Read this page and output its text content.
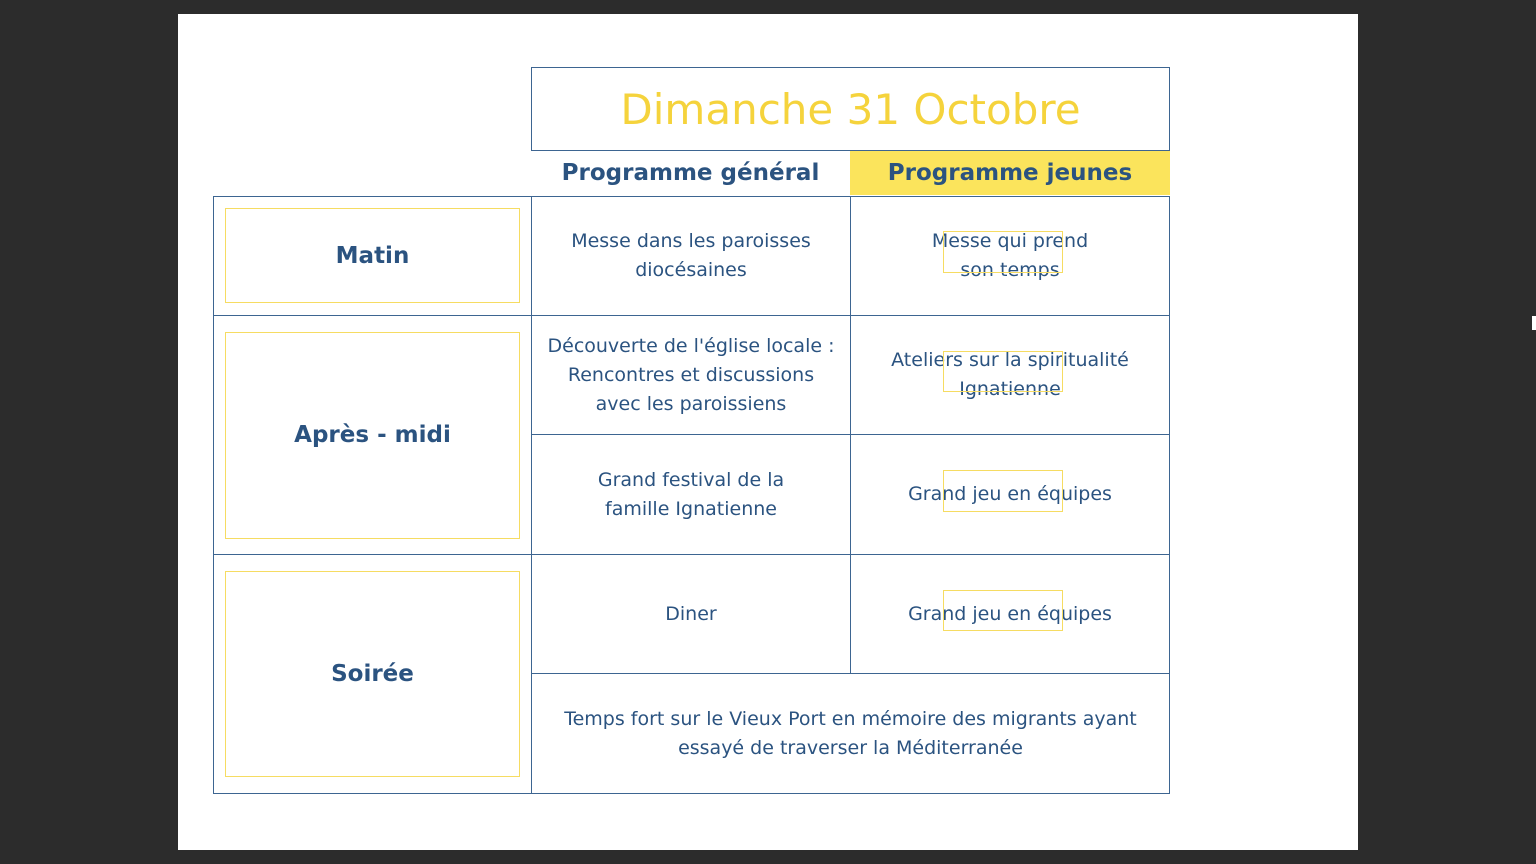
Dimanche 31 Octobre
Programme général	Programme jeunes
Matin
Après - midi
Soirée
Messe dans les paroisses
diocésaines
Découverte de l'église locale :
Rencontres et discussions
avec les paroissiens
Grand festival de la
famille Ignatienne
Diner
Messe qui prend
son temps
Ateliers sur la spiritualité
Ignatienne
Grand jeu en équipes
Grand jeu en équipes
Temps fort sur le Vieux Port en mémoire des migrants ayant
essayé de traverser la Méditerranée
